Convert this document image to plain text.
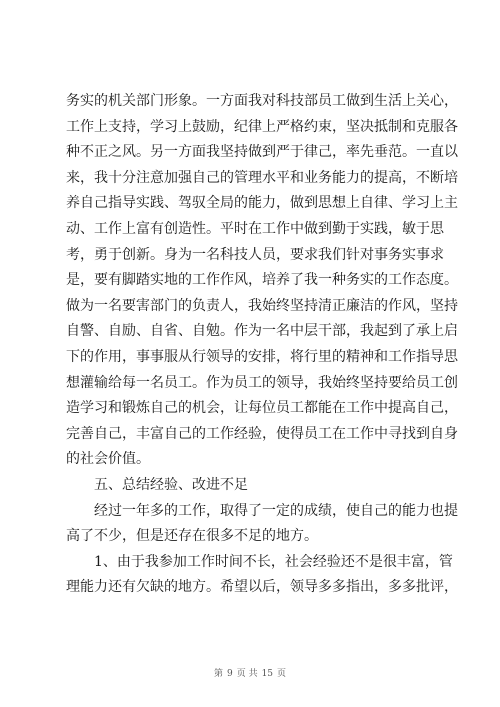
务实的机关部门形象。一方面我对科技部员工做到生活上关心，
工作上支持，学习上鼓励，纪律上严格约束，坚决抵制和克服各
种不正之风。另一方面我坚持做到严于律己，率先垂范。一直以
来，我十分注意加强自己的管理水平和业务能力的提高，不断培
养自己指导实践、驾驭全局的能力，做到思想上自律、学习上主
动、工作上富有创造性。平时在工作中做到勤于实践，敏于思
考，勇于创新。身为一名科技人员，要求我们针对事务实事求
是，要有脚踏实地的工作作风，培养了我一种务实的工作态度。
做为一名要害部门的负责人，我始终坚持清正廉洁的作风，坚持
自警、自励、自省、自勉。作为一名中层干部，我起到了承上启
下的作用，事事服从行领导的安排，将行里的精神和工作指导思
想灌输给每一名员工。作为员工的领导，我始终坚持要给员工创
造学习和锻炼自己的机会，让每位员工都能在工作中提高自己，
完善自己，丰富自己的工作经验，使得员工在工作中寻找到自身
的社会价值。
五、总结经验、改进不足
经过一年多的工作，取得了一定的成绩，使自己的能力也提
高了不少，但是还存在很多不足的地方。
1、由于我参加工作时间不长，社会经验还不是很丰富，管
理能力还有欠缺的地方。希望以后，领导多多指出，多多批评，
第 9 页 共 15 页
